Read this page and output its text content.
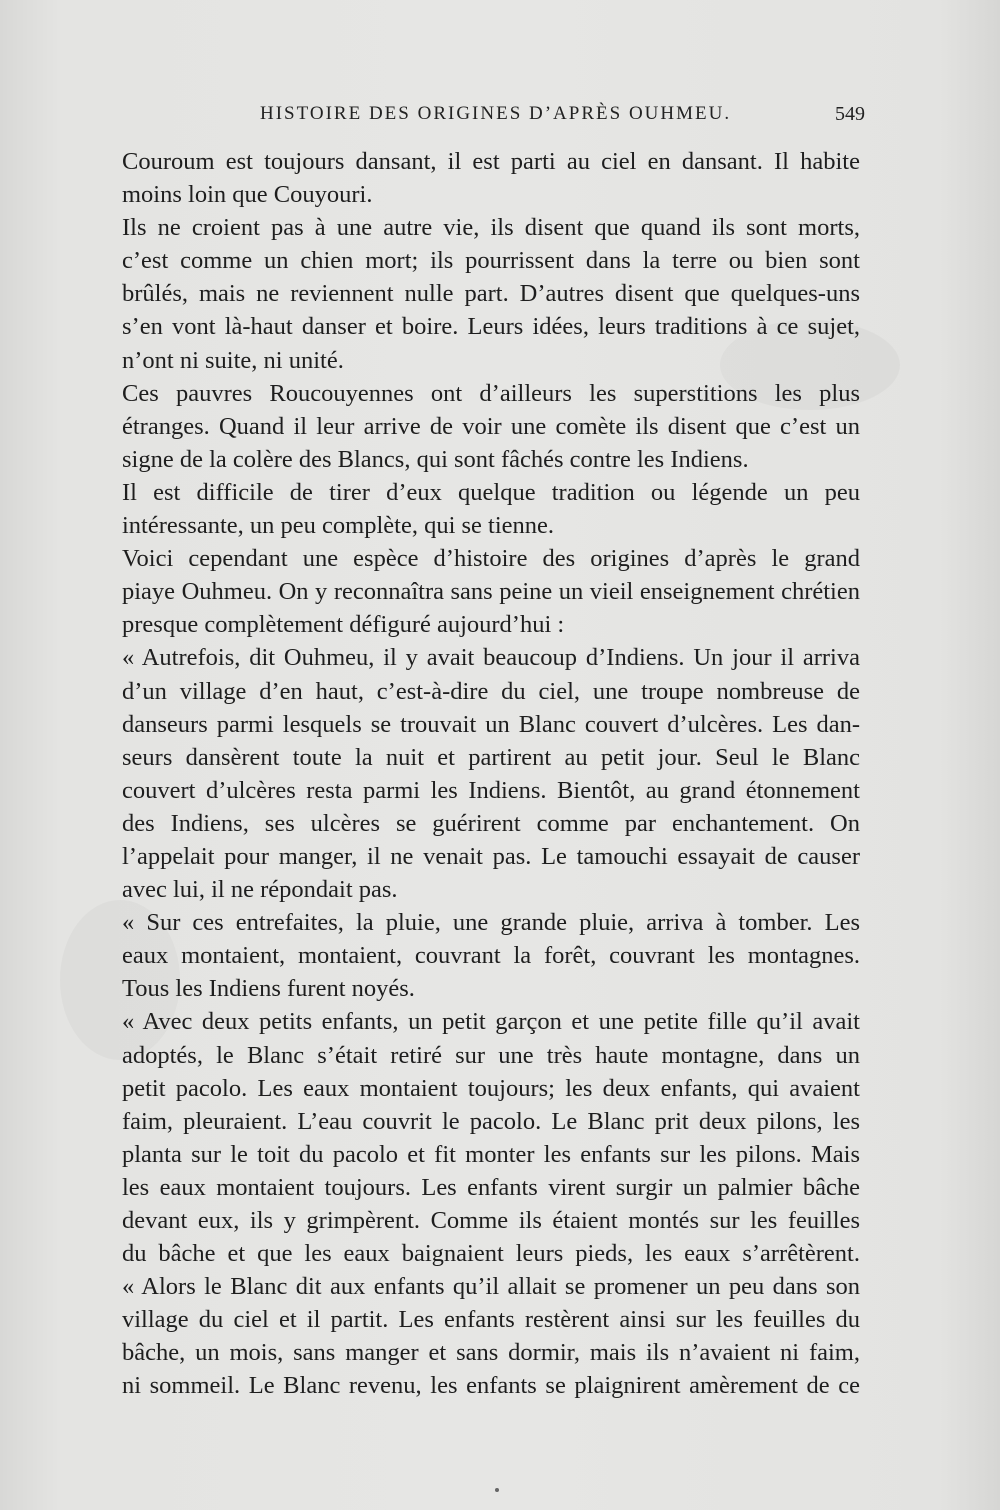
HISTOIRE DES ORIGINES D’APRÈS OUHMEU.	549
Couroum est toujours dansant, il est parti au ciel en dansant. Il habite
moins loin que Couyouri.
Ils ne croient pas à une autre vie, ils disent que quand ils sont morts,
c’est comme un chien mort; ils pourrissent dans la terre ou bien sont
brûlés, mais ne reviennent nulle part. D’autres disent que quelques-uns
s’en vont là-haut danser et boire. Leurs idées, leurs traditions à ce sujet,
n’ont ni suite, ni unité.
Ces pauvres Roucouyennes ont d’ailleurs les superstitions les plus
étranges. Quand il leur arrive de voir une comète ils disent que c’est un
signe de la colère des Blancs, qui sont fâchés contre les Indiens.
Il est difficile de tirer d’eux quelque tradition ou légende un peu
intéressante, un peu complète, qui se tienne.
Voici cependant une espèce d’histoire des origines d’après le grand
piaye Ouhmeu. On y reconnaîtra sans peine un vieil enseignement chrétien
presque complètement défiguré aujourd’hui :
« Autrefois, dit Ouhmeu, il y avait beaucoup d’Indiens. Un jour il arriva
d’un village d’en haut, c’est-à-dire du ciel, une troupe nombreuse de
danseurs parmi lesquels se trouvait un Blanc couvert d’ulcères. Les dan-
seurs dansèrent toute la nuit et partirent au petit jour. Seul le Blanc
couvert d’ulcères resta parmi les Indiens. Bientôt, au grand étonnement
des Indiens, ses ulcères se guérirent comme par enchantement. On
l’appelait pour manger, il ne venait pas. Le tamouchi essayait de causer
avec lui, il ne répondait pas.
« Sur ces entrefaites, la pluie, une grande pluie, arriva à tomber. Les
eaux montaient, montaient, couvrant la forêt, couvrant les montagnes.
Tous les Indiens furent noyés.
« Avec deux petits enfants, un petit garçon et une petite fille qu’il avait
adoptés, le Blanc s’était retiré sur une très haute montagne, dans un
petit pacolo. Les eaux montaient toujours; les deux enfants, qui avaient
faim, pleuraient. L’eau couvrit le pacolo. Le Blanc prit deux pilons, les
planta sur le toit du pacolo et fit monter les enfants sur les pilons. Mais
les eaux montaient toujours. Les enfants virent surgir un palmier bâche
devant eux, ils y grimpèrent. Comme ils étaient montés sur les feuilles
du bâche et que les eaux baignaient leurs pieds, les eaux s’arrêtèrent.
« Alors le Blanc dit aux enfants qu’il allait se promener un peu dans son
village du ciel et il partit. Les enfants restèrent ainsi sur les feuilles du
bâche, un mois, sans manger et sans dormir, mais ils n’avaient ni faim,
ni sommeil. Le Blanc revenu, les enfants se plaignirent amèrement de ce
